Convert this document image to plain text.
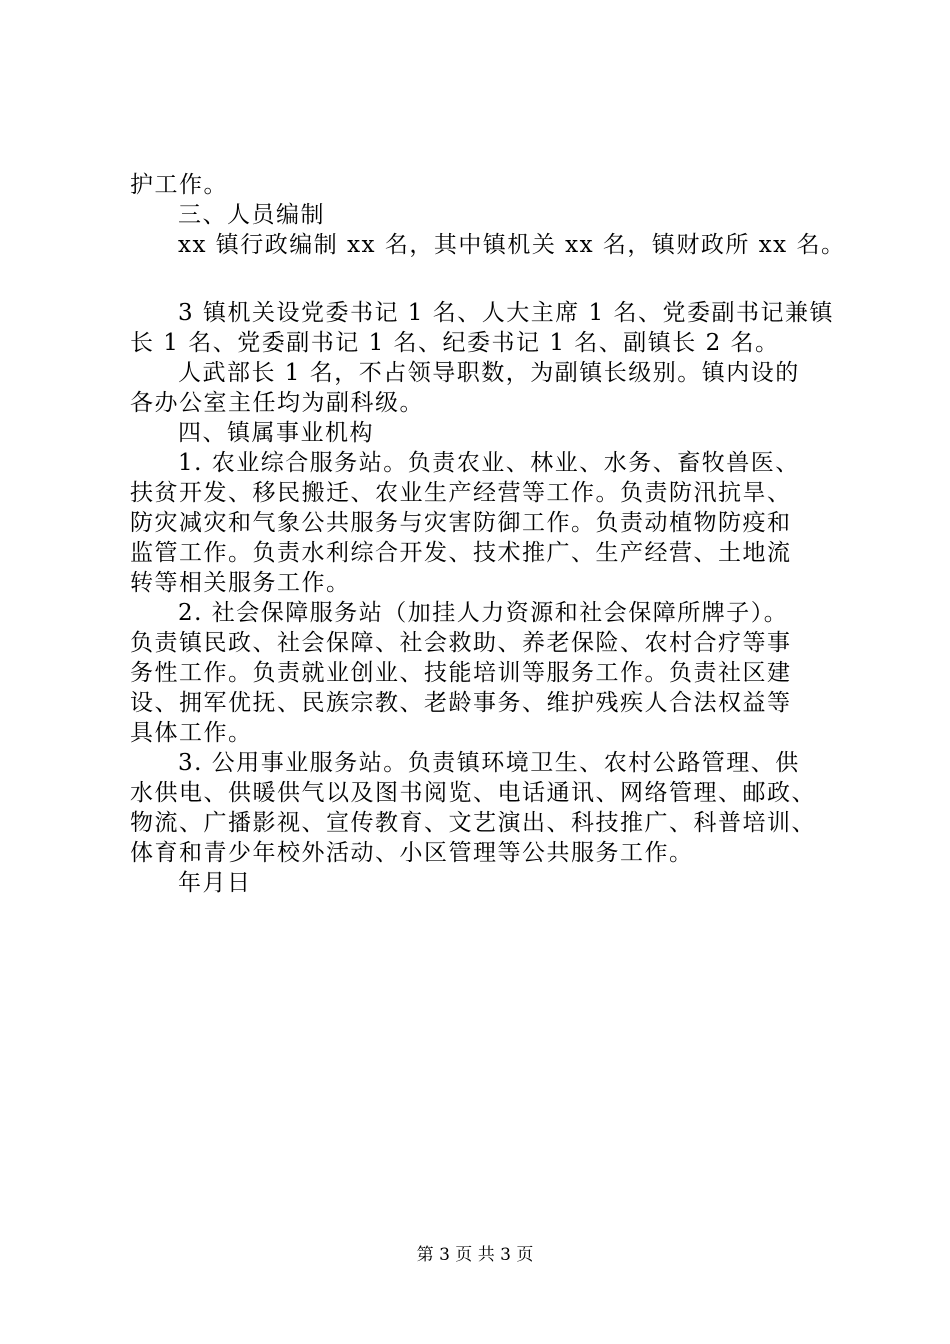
护工作。
三、人员编制
xx 镇行政编制 xx 名，其中镇机关 xx 名，镇财政所 xx 名。
3 镇机关设党委书记 1 名、人大主席 1 名、党委副书记兼镇
长 1 名、党委副书记 1 名、纪委书记 1 名、副镇长 2 名。
人武部长 1 名，不占领导职数，为副镇长级别。镇内设的
各办公室主任均为副科级。
四、镇属事业机构
1. 农业综合服务站。负责农业、林业、水务、畜牧兽医、
扶贫开发、移民搬迁、农业生产经营等工作。负责防汛抗旱、
防灾减灾和气象公共服务与灾害防御工作。负责动植物防疫和
监管工作。负责水利综合开发、技术推广、生产经营、土地流
转等相关服务工作。
2. 社会保障服务站（加挂人力资源和社会保障所牌子）。
负责镇民政、社会保障、社会救助、养老保险、农村合疗等事
务性工作。负责就业创业、技能培训等服务工作。负责社区建
设、拥军优抚、民族宗教、老龄事务、维护残疾人合法权益等
具体工作。
3. 公用事业服务站。负责镇环境卫生、农村公路管理、供
水供电、供暖供气以及图书阅览、电话通讯、网络管理、邮政、
物流、广播影视、宣传教育、文艺演出、科技推广、科普培训、
体育和青少年校外活动、小区管理等公共服务工作。
年月日
第 3 页 共 3 页
